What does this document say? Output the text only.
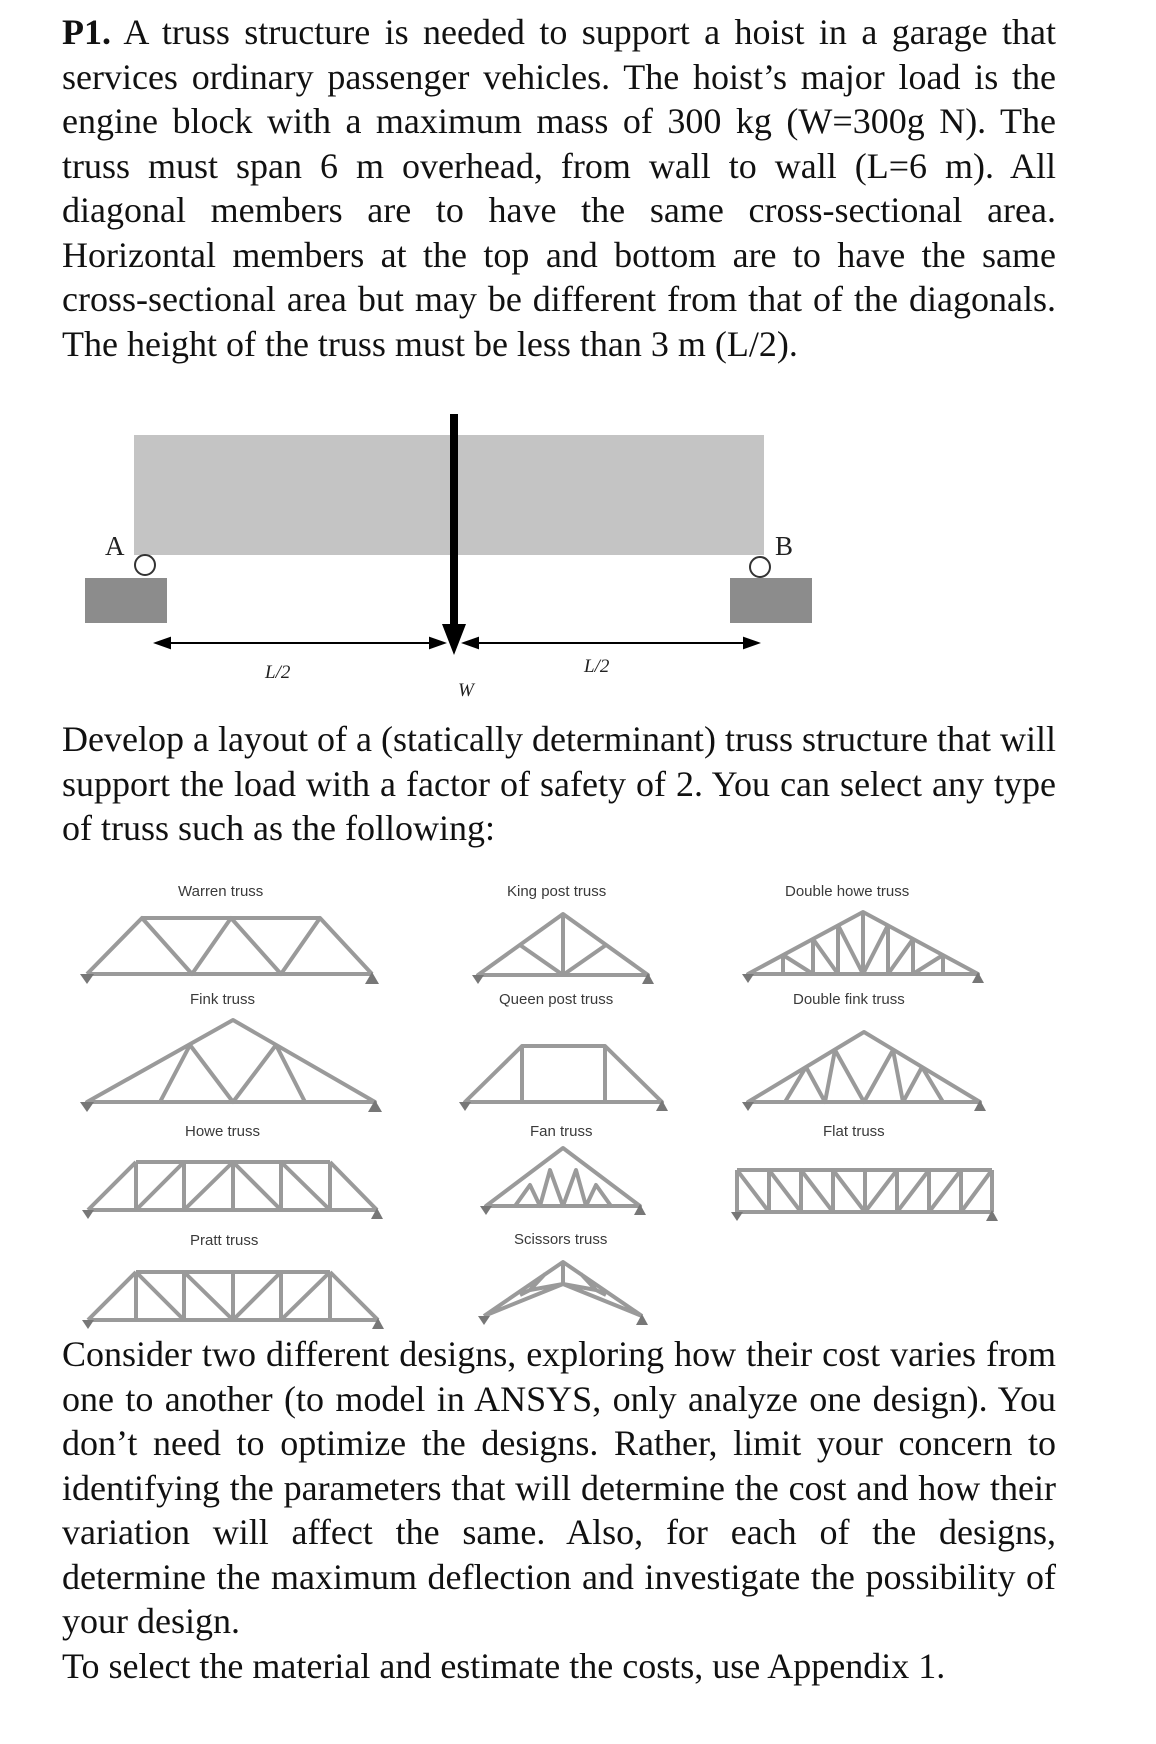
P1. A truss structure is needed to support a hoist in a garage that services ordinary passenger vehicles. The hoist’s major load is the engine block with a maximum mass of 300 kg (W=300g N). The truss must span 6 m overhead, from wall to wall (L=6 m). All diagonal members are to have the same cross-sectional area. Horizontal members at the top and bottom are to have the same cross-sectional area but may be different from that of the diagonals. The height of the truss must be less than 3 m (L/2).

A	B
L/2	L/2
W

Develop a layout of a (statically determinant) truss structure that will support the load with a factor of safety of 2. You can select any type of truss such as the following:

Warren truss	King post truss	Double howe truss
Fink truss	Queen post truss	Double fink truss
Howe truss	Fan truss	Flat truss
Pratt truss	Scissors truss

Consider two different designs, exploring how their cost varies from one to another (to model in ANSYS, only analyze one design). You don’t need to optimize the designs. Rather, limit your concern to identifying the parameters that will determine the cost and how their variation will affect the same. Also, for each of the designs, determine the maximum deflection and investigate the possibility of your design.

To select the material and estimate the costs, use Appendix 1.
